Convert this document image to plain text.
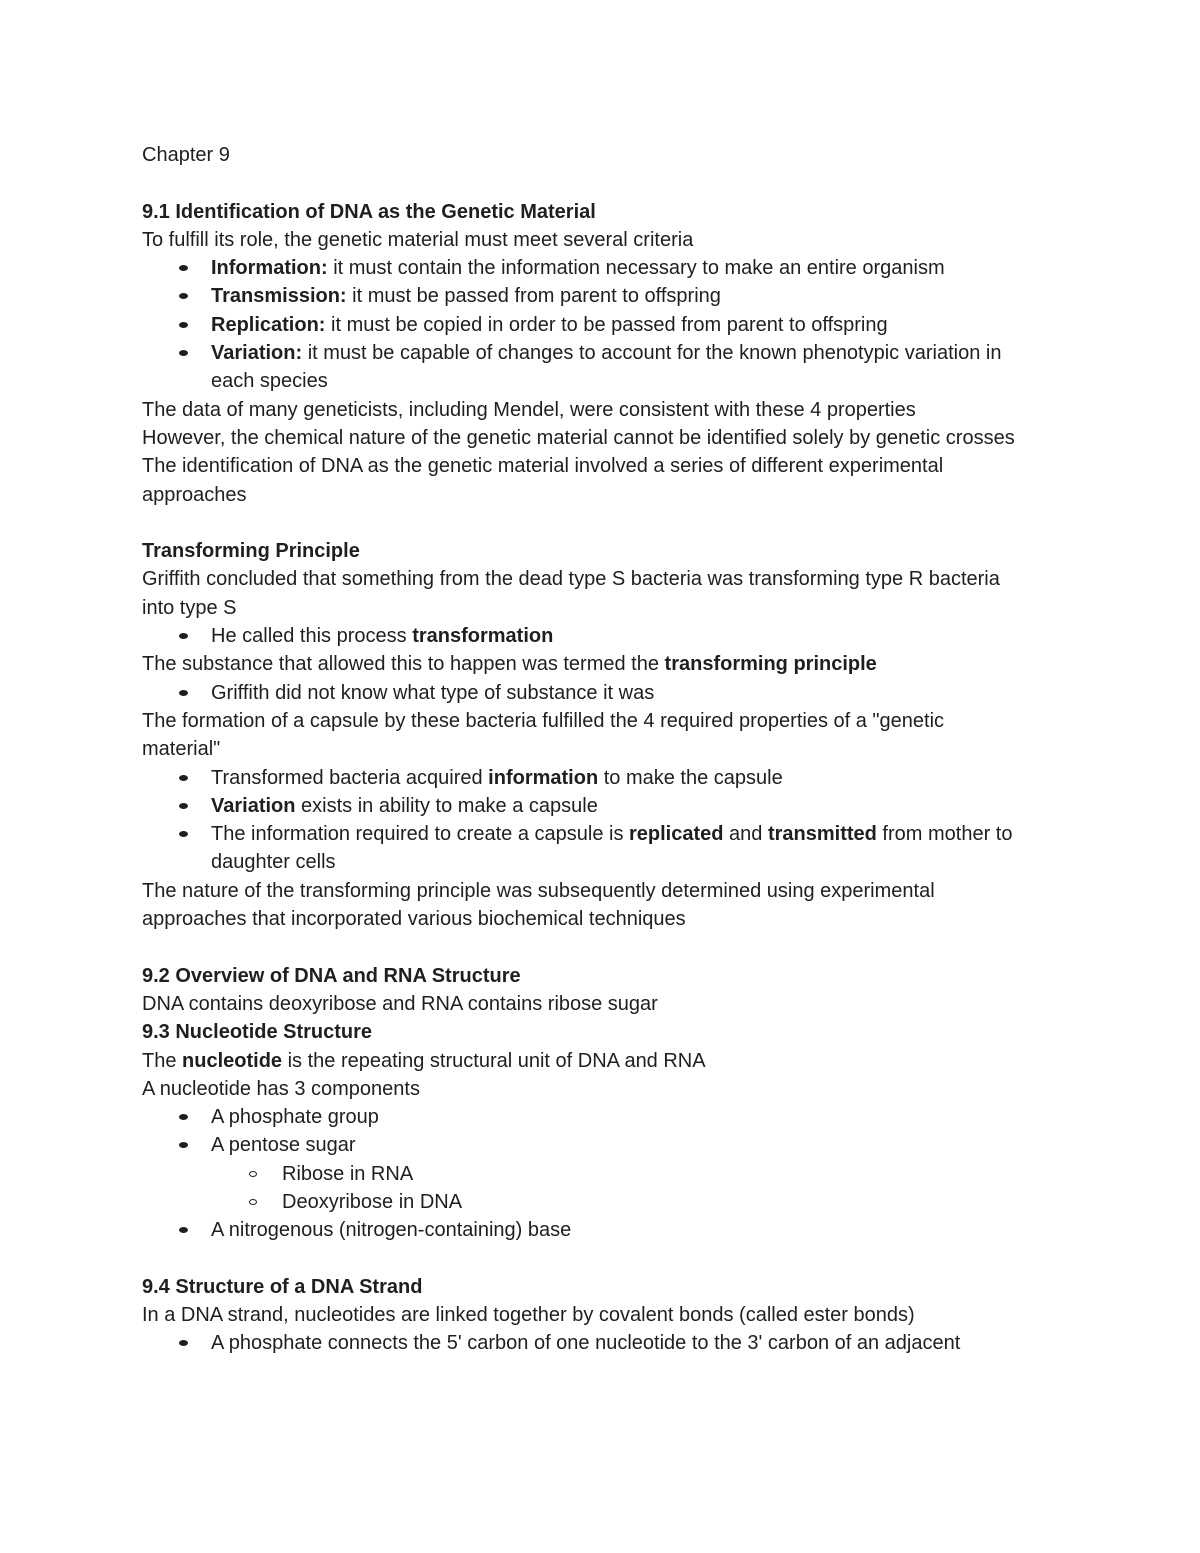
Chapter 9
9.1 Identification of DNA as the Genetic Material
To fulfill its role, the genetic material must meet several criteria
Information: it must contain the information necessary to make an entire organism
Transmission: it must be passed from parent to offspring
Replication: it must be copied in order to be passed from parent to offspring
Variation: it must be capable of changes to account for the known phenotypic variation in each species
The data of many geneticists, including Mendel, were consistent with these 4 properties
However, the chemical nature of the genetic material cannot be identified solely by genetic crosses
The identification of DNA as the genetic material involved a series of different experimental approaches
Transforming Principle
Griffith concluded that something from the dead type S bacteria was transforming type R bacteria into type S
He called this process transformation
The substance that allowed this to happen was termed the transforming principle
Griffith did not know what type of substance it was
The formation of a capsule by these bacteria fulfilled the 4 required properties of a "genetic material"
Transformed bacteria acquired information to make the capsule
Variation exists in ability to make a capsule
The information required to create a capsule is replicated and transmitted from mother to daughter cells
The nature of the transforming principle was subsequently determined using experimental approaches that incorporated various biochemical techniques
9.2 Overview of DNA and RNA Structure
DNA contains deoxyribose and RNA contains ribose sugar
9.3 Nucleotide Structure
The nucleotide is the repeating structural unit of DNA and RNA
A nucleotide has 3 components
A phosphate group
A pentose sugar
Ribose in RNA
Deoxyribose in DNA
A nitrogenous (nitrogen-containing) base
9.4 Structure of a DNA Strand
In a DNA strand, nucleotides are linked together by covalent bonds (called ester bonds)
A phosphate connects the 5' carbon of one nucleotide to the 3' carbon of an adjacent
